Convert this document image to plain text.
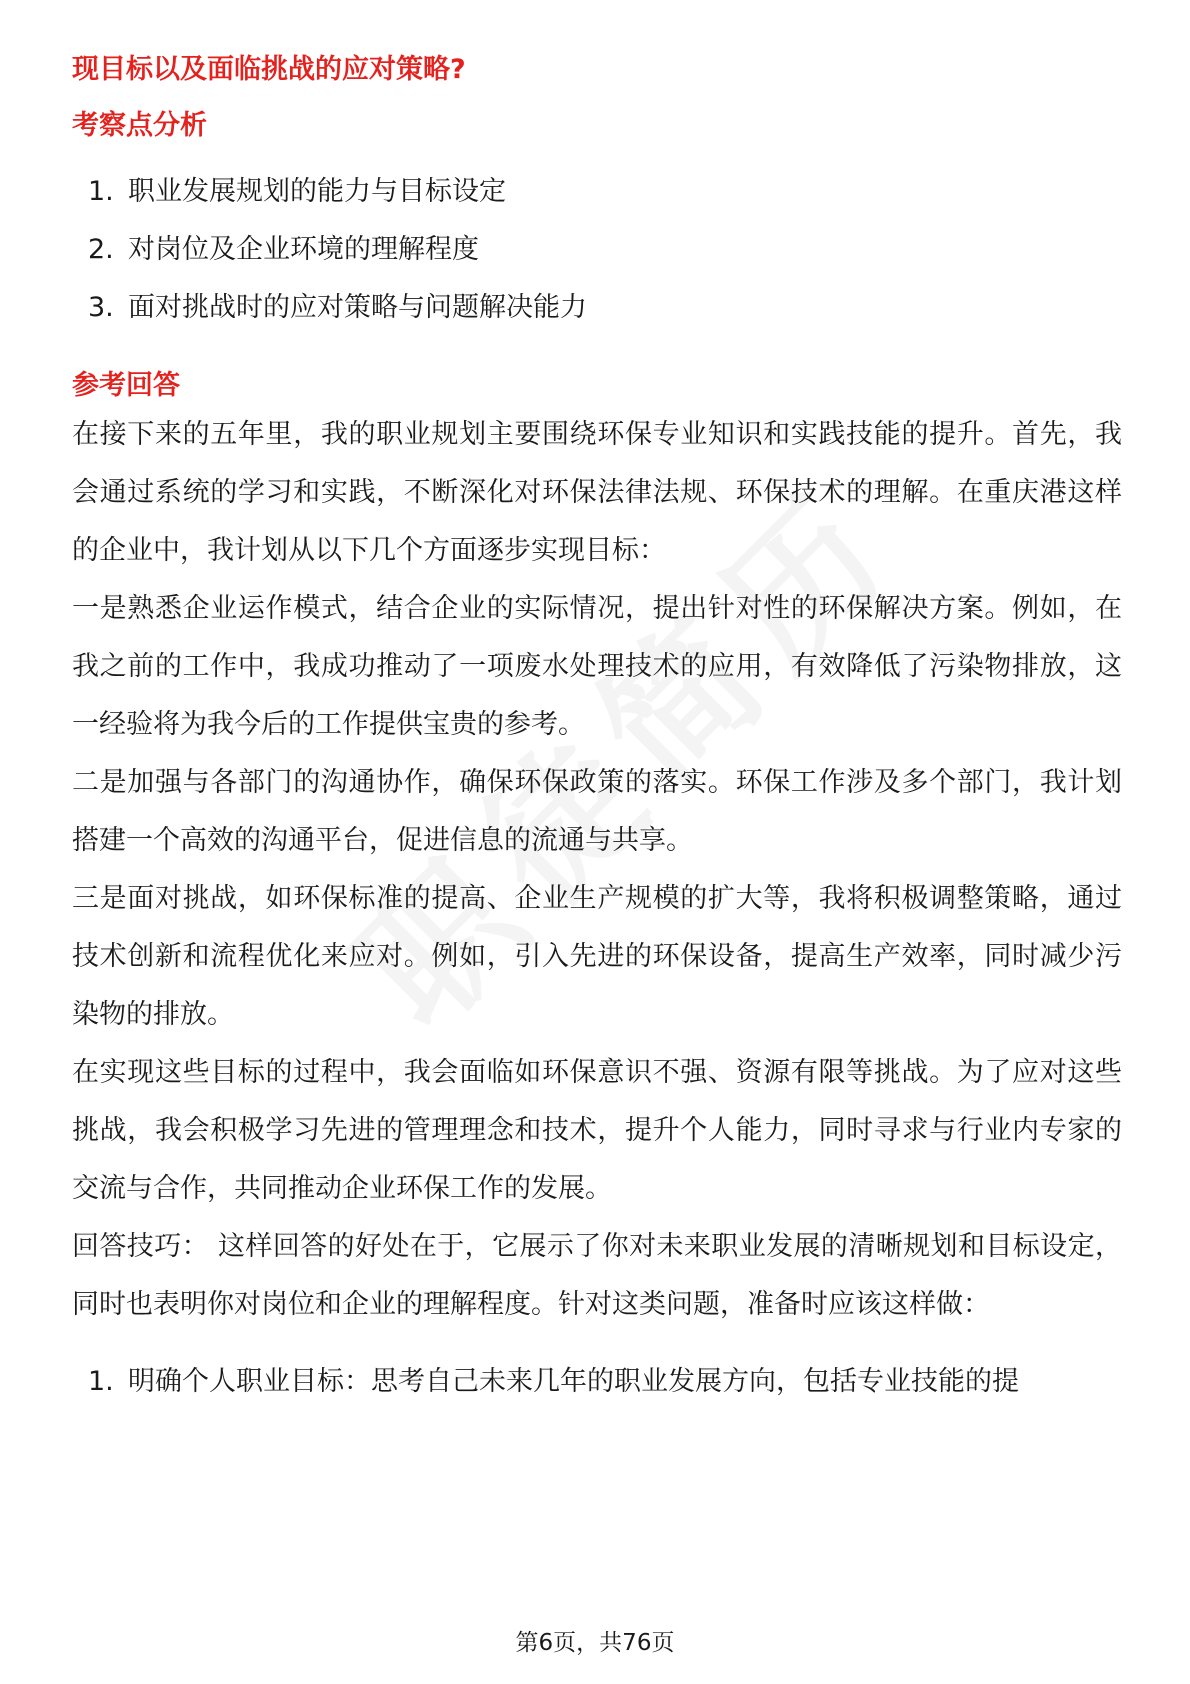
现目标以及面临挑战的应对策略?
考察点分析
1. 职业发展规划的能力与目标设定
2. 对岗位及企业环境的理解程度
3. 面对挑战时的应对策略与问题解决能力
参考回答

在接下来的五年里，我的职业规划主要围绕环保专业知识和实践技能的提升。首先，我会通过系统的学习和实践，不断深化对环保法律法规、环保技术的理解。在重庆港这样的企业中，我计划从以下几个方面逐步实现目标：

一是熟悉企业运作模式，结合企业的实际情况，提出针对性的环保解决方案。例如，在我之前的工作中，我成功推动了一项废水处理技术的应用，有效降低了污染物排放，这一经验将为我今后的工作提供宝贵的参考。

二是加强与各部门的沟通协作，确保环保政策的落实。环保工作涉及多个部门，我计划搭建一个高效的沟通平台，促进信息的流通与共享。

三是面对挑战，如环保标准的提高、企业生产规模的扩大等，我将积极调整策略，通过技术创新和流程优化来应对。例如，引入先进的环保设备，提高生产效率，同时减少污染物的排放。

在实现这些目标的过程中，我会面临如环保意识不强、资源有限等挑战。为了应对这些挑战，我会积极学习先进的管理理念和技术，提升个人能力，同时寻求与行业内专家的交流与合作，共同推动企业环保工作的发展。

回答技巧： 这样回答的好处在于，它展示了你对未来职业发展的清晰规划和目标设定，同时也表明你对岗位和企业的理解程度。针对这类问题，准备时应该这样做：

1. 明确个人职业目标：思考自己未来几年的职业发展方向，包括专业技能的提
第6页，共76页
